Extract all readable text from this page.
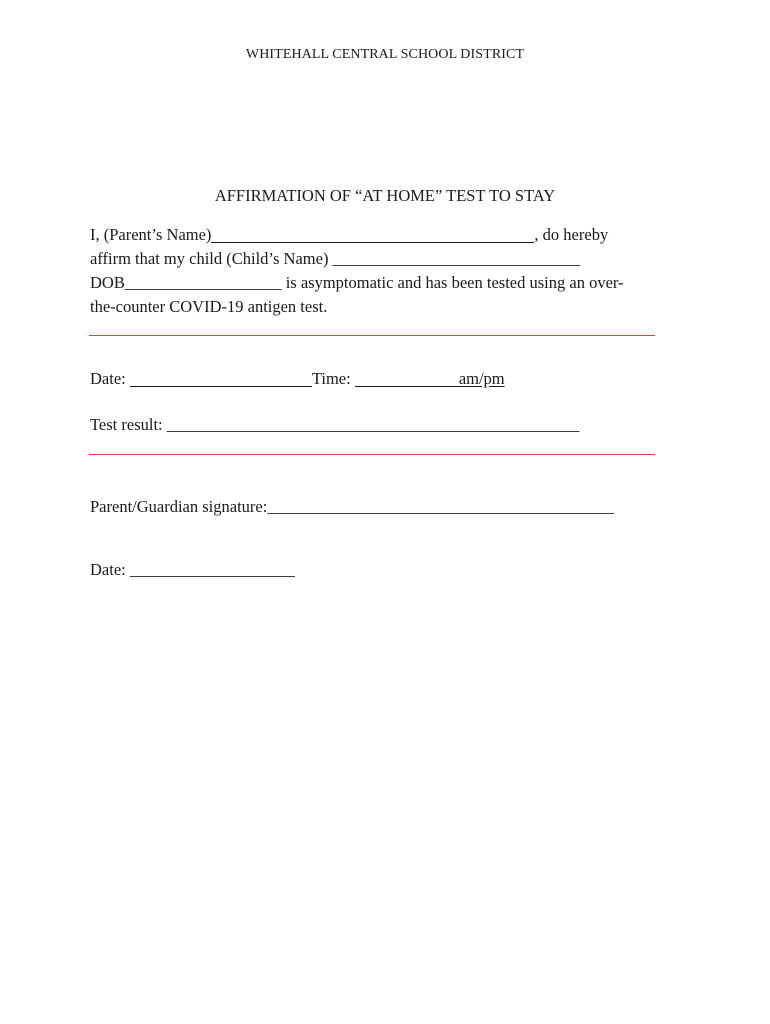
WHITEHALL CENTRAL SCHOOL DISTRICT
AFFIRMATION OF “AT HOME” TEST TO STAY
I, (Parent’s Name)	, do hereby
affirm that my child (Child’s Name) ______________________________
DOB___________________ is asymptomatic and has been tested using an over-
the-counter COVID-19 antigen test.
Date:	Time:	am/pm
Test result: __________________________________________________
Parent/Guardian signature:__________________________________________
Date: ____________________
